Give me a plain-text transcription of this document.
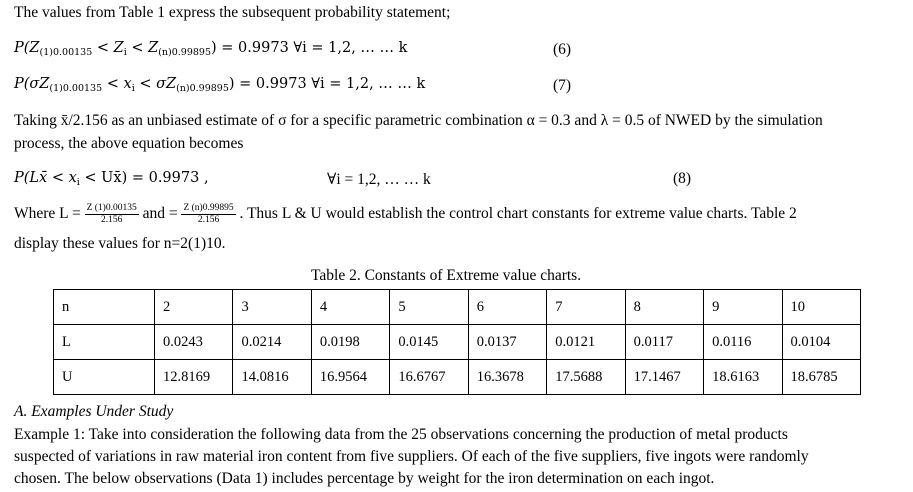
The values from Table 1 express the subsequent probability statement;
$P(Z_{(1)0.00135} < Z_i < Z_{(n)0.99895}) = 0.9973$ ∀i = 1,2, … … k	(6)
$P(\sigma Z_{(1)0.00135} < x_i < \sigma Z_{(n)0.99895}) = 0.9973$ ∀i = 1,2, … … k	(7)
Taking x̄/2.156 as an unbiased estimate of σ for a specific parametric combination α = 0.3 and λ = 0.5 of NWED by the simulation
process, the above equation becomes
P(Lx̄ < $x_i$ < Ux̄) = 0.9973 ,	∀i = 1,2, … … k	(8)
Where $L = \frac{Z (1)0.00135}{2.156}$ and = $\frac{Z (n)0.99895}{2.156}$ . Thus L & U would establish the control chart constants for extreme value charts. Table 2
display these values for n=2(1)10.
Table 2. Constants of Extreme value charts.
n	2	3	4	5	6	7	8	9	10
L	0.0243	0.0214	0.0198	0.0145	0.0137	0.0121	0.0117	0.0116	0.0104
U	12.8169	14.0816	16.9564	16.6767	16.3678	17.5688	17.1467	18.6163	18.6785
A. Examples Under Study
Example 1: Take into consideration the following data from the 25 observations concerning the production of metal products
suspected of variations in raw material iron content from five suppliers. Of each of the five suppliers, five ingots were randomly
chosen. The below observations (Data 1) includes percentage by weight for the iron determination on each ingot.
